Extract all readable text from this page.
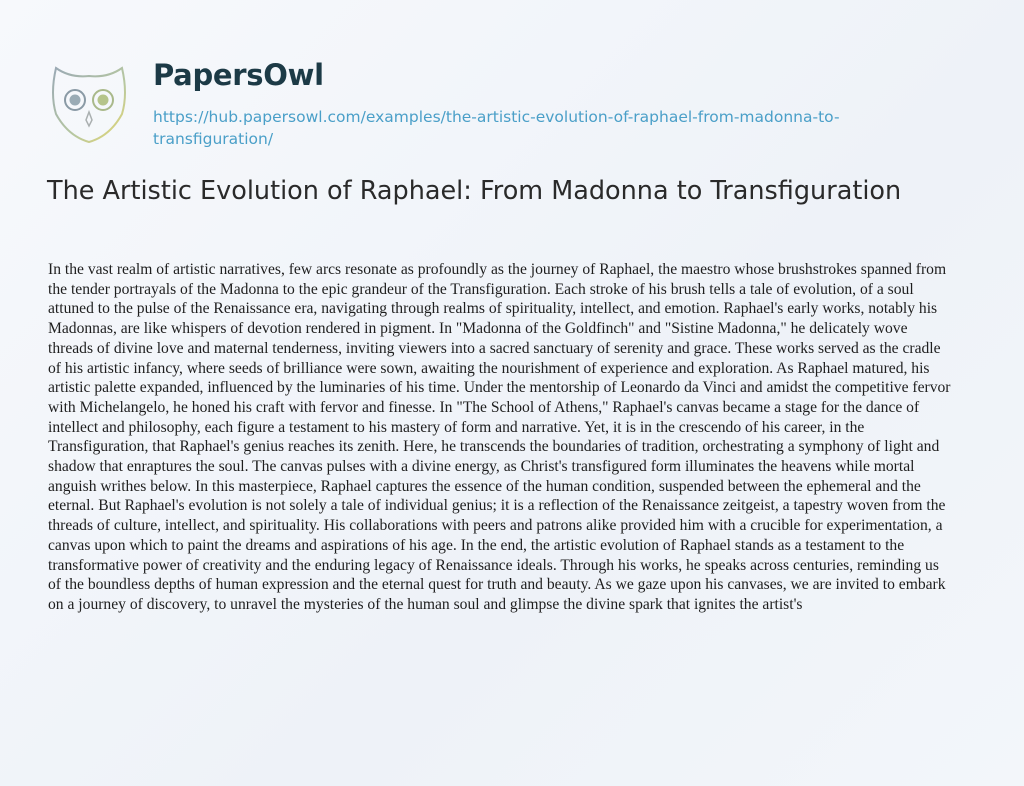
PapersOwl
https://hub.papersowl.com/examples/the-artistic-evolution-of-raphael-from-madonna-to-transfiguration/
The Artistic Evolution of Raphael: From Madonna to Transfiguration
In the vast realm of artistic narratives, few arcs resonate as profoundly as the journey of Raphael, the maestro whose brushstrokes spanned from
the tender portrayals of the Madonna to the epic grandeur of the Transfiguration. Each stroke of his brush tells a tale of evolution, of a soul
attuned to the pulse of the Renaissance era, navigating through realms of spirituality, intellect, and emotion. Raphael's early works, notably his
Madonnas, are like whispers of devotion rendered in pigment. In "Madonna of the Goldfinch" and "Sistine Madonna," he delicately wove
threads of divine love and maternal tenderness, inviting viewers into a sacred sanctuary of serenity and grace. These works served as the cradle
of his artistic infancy, where seeds of brilliance were sown, awaiting the nourishment of experience and exploration. As Raphael matured, his
artistic palette expanded, influenced by the luminaries of his time. Under the mentorship of Leonardo da Vinci and amidst the competitive fervor
with Michelangelo, he honed his craft with fervor and finesse. In "The School of Athens," Raphael's canvas became a stage for the dance of
intellect and philosophy, each figure a testament to his mastery of form and narrative. Yet, it is in the crescendo of his career, in the
Transfiguration, that Raphael's genius reaches its zenith. Here, he transcends the boundaries of tradition, orchestrating a symphony of light and
shadow that enraptures the soul. The canvas pulses with a divine energy, as Christ's transfigured form illuminates the heavens while mortal
anguish writhes below. In this masterpiece, Raphael captures the essence of the human condition, suspended between the ephemeral and the
eternal. But Raphael's evolution is not solely a tale of individual genius; it is a reflection of the Renaissance zeitgeist, a tapestry woven from the
threads of culture, intellect, and spirituality. His collaborations with peers and patrons alike provided him with a crucible for experimentation, a
canvas upon which to paint the dreams and aspirations of his age. In the end, the artistic evolution of Raphael stands as a testament to the
transformative power of creativity and the enduring legacy of Renaissance ideals. Through his works, he speaks across centuries, reminding us
of the boundless depths of human expression and the eternal quest for truth and beauty. As we gaze upon his canvases, we are invited to embark
on a journey of discovery, to unravel the mysteries of the human soul and glimpse the divine spark that ignites the artist's
